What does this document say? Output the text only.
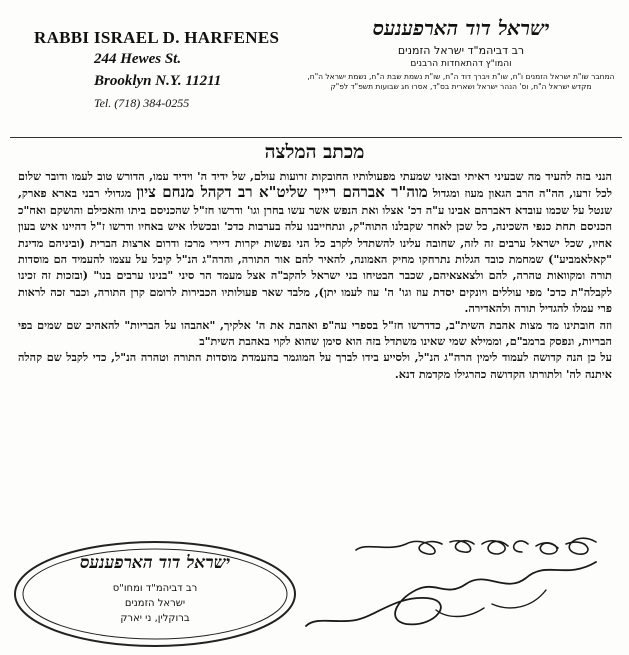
RABBI ISRAEL D. HARFENES
244 Hewes St.
Brooklyn N.Y. 11211
Tel. (718) 384-0255
ישראל דוד הארפענעס
רב דביהמ"ד ישראל הזמנים
והמו"ץ דהתאחדות הרבנים
המחבר שו"ת ישראל הזמנים ו"ח, שו"ת ויברך דוד ה"ח, שו"ת נשמת שבת ה"ח, נשמת ישראל ה"ח, מקדש ישראל ה"ח, וס' הנהר ישראל ושארית בס"ד, אסרו חג שבועות תשפ"ד לפ"ק
מכתב המלצה

הנני בזה להעיד מה שבעיני ראיתי ובאזני שמעתי מפעולותיו החובקות זרועות עולם, של ידיד ה' וידיד עמו, הדורש טוב לעמו ודובר שלום לכל זרעו, הה"ה הרב הגאון מעוז ומגדול מוה"ר אברהם רייך שליט"א רב דקהל מנחם ציון מגדולי רבני בארא פארק, שנטל על שכמו עובדא דאברהם אבינו ע"ה דכ' אצלו ואת הנפש אשר עשו בחרן וגו' ודרשו חז"ל שהכניסם ביתו והאכילם והושקם ואח"כ הכניסם תחת כנפי השכינה, כל שכן לאחר שקבלנו התוה"ק, ונתחייבנו עלה בערבות כדכ' ובכשלו איש באחיו ודרשו ז"ל דהיינו איש בעון אחיו, שכל ישראל ערבים זה לזה, שחובה עלינו להשתדל לקרב כל הני נפשות יקרות דיירי מרכז ודרום ארצות הברית (וביניהם מדינת "קאלאמביע") שמחמת כובד הגלות נתרחקו מחיק האמונה, להאיר להם אור התורה, והרה"ג הנ"ל קיבל על עצמו להעמיד הם מוסדות תורה ומקוואות טהרה, להם ולצאצאיהם, שכבר הבטיחו בני ישראל להקב"ה אצל מעמד הר סיני "בנינו ערבים בנו" (ובזכות זה זכינו לקבלה"ת כדכ' מפי עוללים ויונקים יסדת עוז וגו' ה' עוז לעמו יתן), מלבד שאר פעולותיו הכבירות לרומם קרן התורה, וכבר זכה לראות פרי עמלו להגדיל תורה ולהאדירה.

וזה חובתינו מד מצות אהבת השית"ב, כדדרשו חז"ל בספרי עה"פ ואהבת את ה' אלקיך, "אהבהו על הבריות" להאהיב שם שמים בפי הבריות, ונפסק ברמב"ם, וממילא שמי שאינו משתדל בזה הוא סימן שהוא לקוי באהבת השית"ב

על כן הנה קדושה לעמוד לימין הרה"ג הנ"ל, ולסייע בידו לברך על המוגמר בהעמדת מוסדות התורה וטהרה הנ"ל, כדי לקבל שם קהלה איתנה לה' ולתורתו הקדושה כהרגילו מקדמת דנא.

ישראל דוד הארפענעס
רב דביהמ"ד ומחו"ס
ישראל הזמנים
ברוקלין, ני יארק
